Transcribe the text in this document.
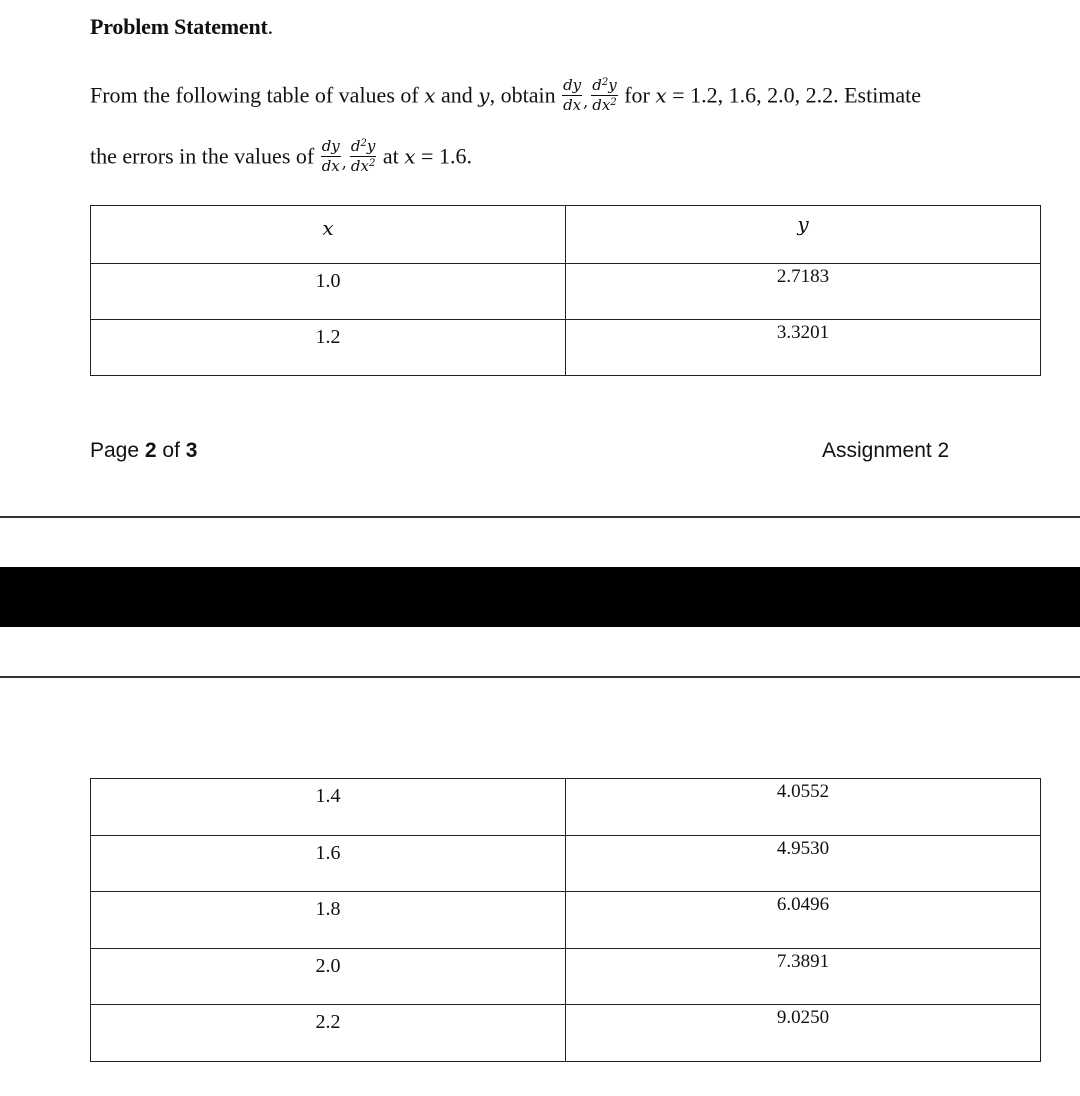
Problem Statement.
From the following table of values of x and y, obtain $\frac{dy}{dx}$ , $\frac{d^2y}{dx^2}$ for x = 1.2, 1.6, 2.0, 2.2. Estimate
the errors in the values of $\frac{dy}{dx}$ , $\frac{d^2y}{dx^2}$ at x = 1.6.
x	y

1.0	2.7183

1.2	3.3201
Page 2 of 3	Assignment 2
1.4	4.0552

1.6	4.9530

1.8	6.0496

2.0	7.3891

2.2	9.0250
